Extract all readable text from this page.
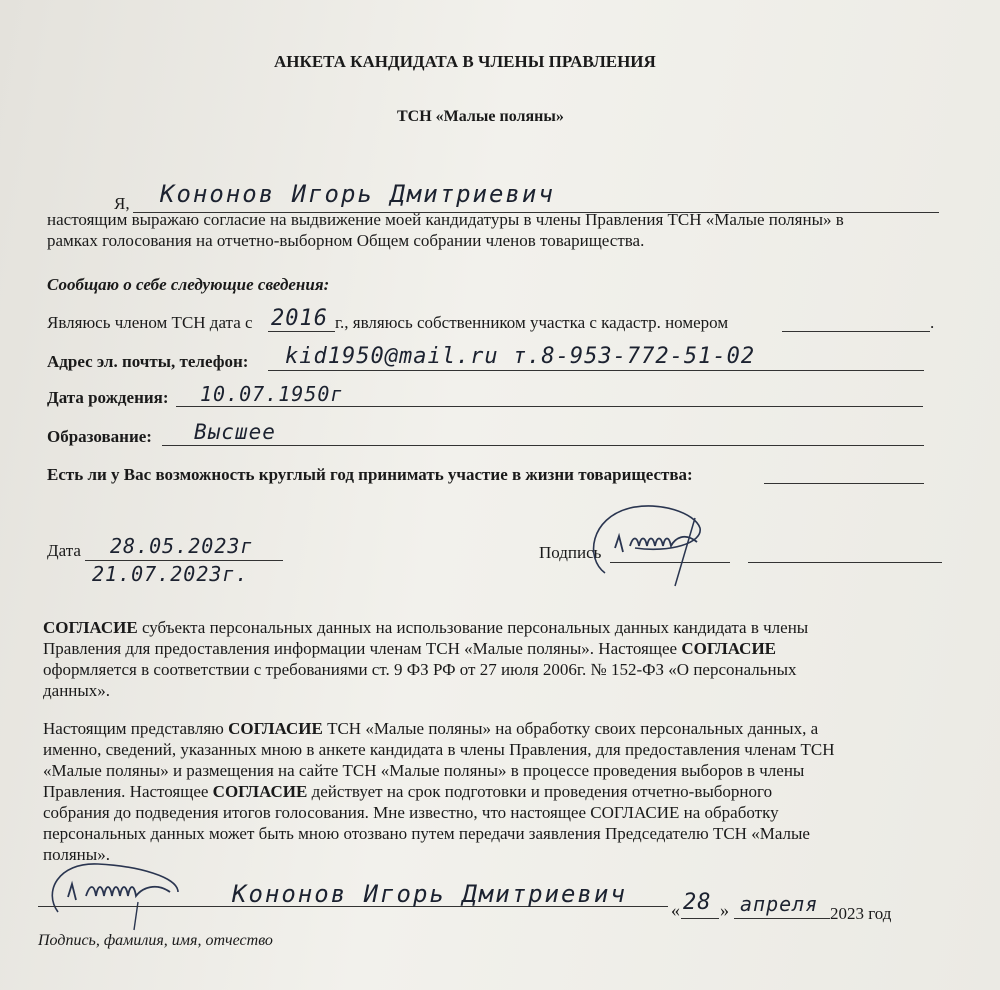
АНКЕТА КАНДИДАТА В ЧЛЕНЫ ПРАВЛЕНИЯ
ТСН «Малые поляны»
Я, Кононов Игорь Дмитриевич
настоящим выражаю согласие на выдвижение моей кандидатуры в члены Правления ТСН «Малые поляны» в
рамках голосования на отчетно-выборном Общем собрании членов товарищества.
Сообщаю о себе следующие сведения:
Являюсь членом ТСН дата с 2016 г., являюсь собственником участка с кадастр. номером	.
Адрес эл. почты, телефон: kid1950@mail.ru т.8-953-772-51-02
Дата рождения: 10.07.1950г
Образование: Высшее
Есть ли у Вас возможность круглый год принимать участие в жизни товарищества:
Дата 28.05.2023г
21.07.2023г.
Подпись
СОГЛАСИЕ субъекта персональных данных на использование персональных данных кандидата в члены
Правления для предоставления информации членам ТСН «Малые поляны». Настоящее СОГЛАСИЕ
оформляется в соответствии с требованиями ст. 9 ФЗ РФ от 27 июля 2006г. № 152-ФЗ «О персональных
данных».
Настоящим представляю СОГЛАСИЕ ТСН «Малые поляны» на обработку своих персональных данных, а
именно, сведений, указанных мною в анкете кандидата в члены Правления, для предоставления членам ТСН
«Малые поляны» и размещения на сайте ТСН «Малые поляны» в процессе проведения выборов в члены
Правления. Настоящее СОГЛАСИЕ действует на срок подготовки и проведения отчетно-выборного
собрания до подведения итогов голосования. Мне известно, что настоящее СОГЛАСИЕ на обработку
персональных данных может быть мною отозвано путем передачи заявления Председателю ТСН «Малые
поляны».
Кононов Игорь Дмитриевич
« 28 » апреля 2023 год
Подпись, фамилия, имя, отчество
